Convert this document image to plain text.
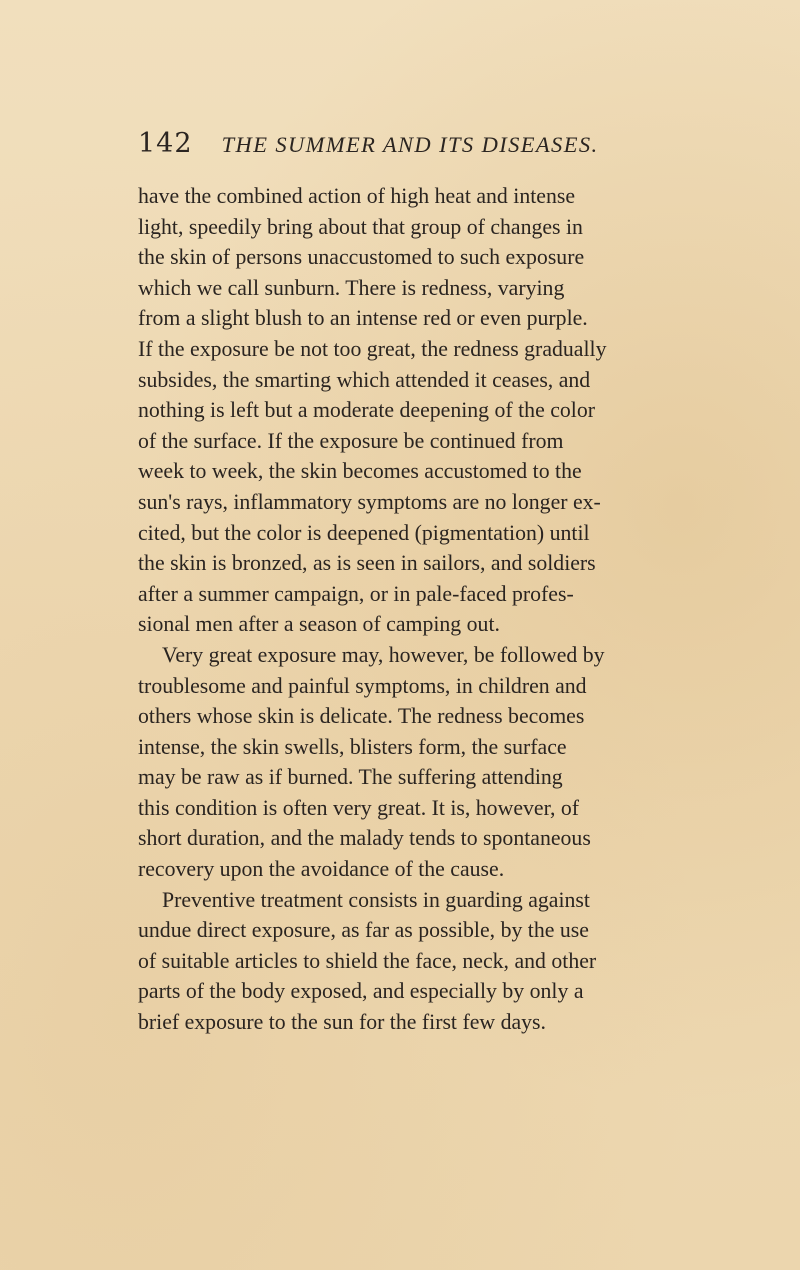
142 THE SUMMER AND ITS DISEASES.
have the combined action of high heat and intense
light, speedily bring about that group of changes in
the skin of persons unaccustomed to such exposure
which we call sunburn. There is redness, varying
from a slight blush to an intense red or even purple.
If the exposure be not too great, the redness gradually
subsides, the smarting which attended it ceases, and
nothing is left but a moderate deepening of the color
of the surface. If the exposure be continued from
week to week, the skin becomes accustomed to the
sun's rays, inflammatory symptoms are no longer ex-
cited, but the color is deepened (pigmentation) until
the skin is bronzed, as is seen in sailors, and soldiers
after a summer campaign, or in pale-faced profes-
sional men after a season of camping out.
Very great exposure may, however, be followed by
troublesome and painful symptoms, in children and
others whose skin is delicate. The redness becomes
intense, the skin swells, blisters form, the surface
may be raw as if burned. The suffering attending
this condition is often very great. It is, however, of
short duration, and the malady tends to spontaneous
recovery upon the avoidance of the cause.
Preventive treatment consists in guarding against
undue direct exposure, as far as possible, by the use
of suitable articles to shield the face, neck, and other
parts of the body exposed, and especially by only a
brief exposure to the sun for the first few days.
